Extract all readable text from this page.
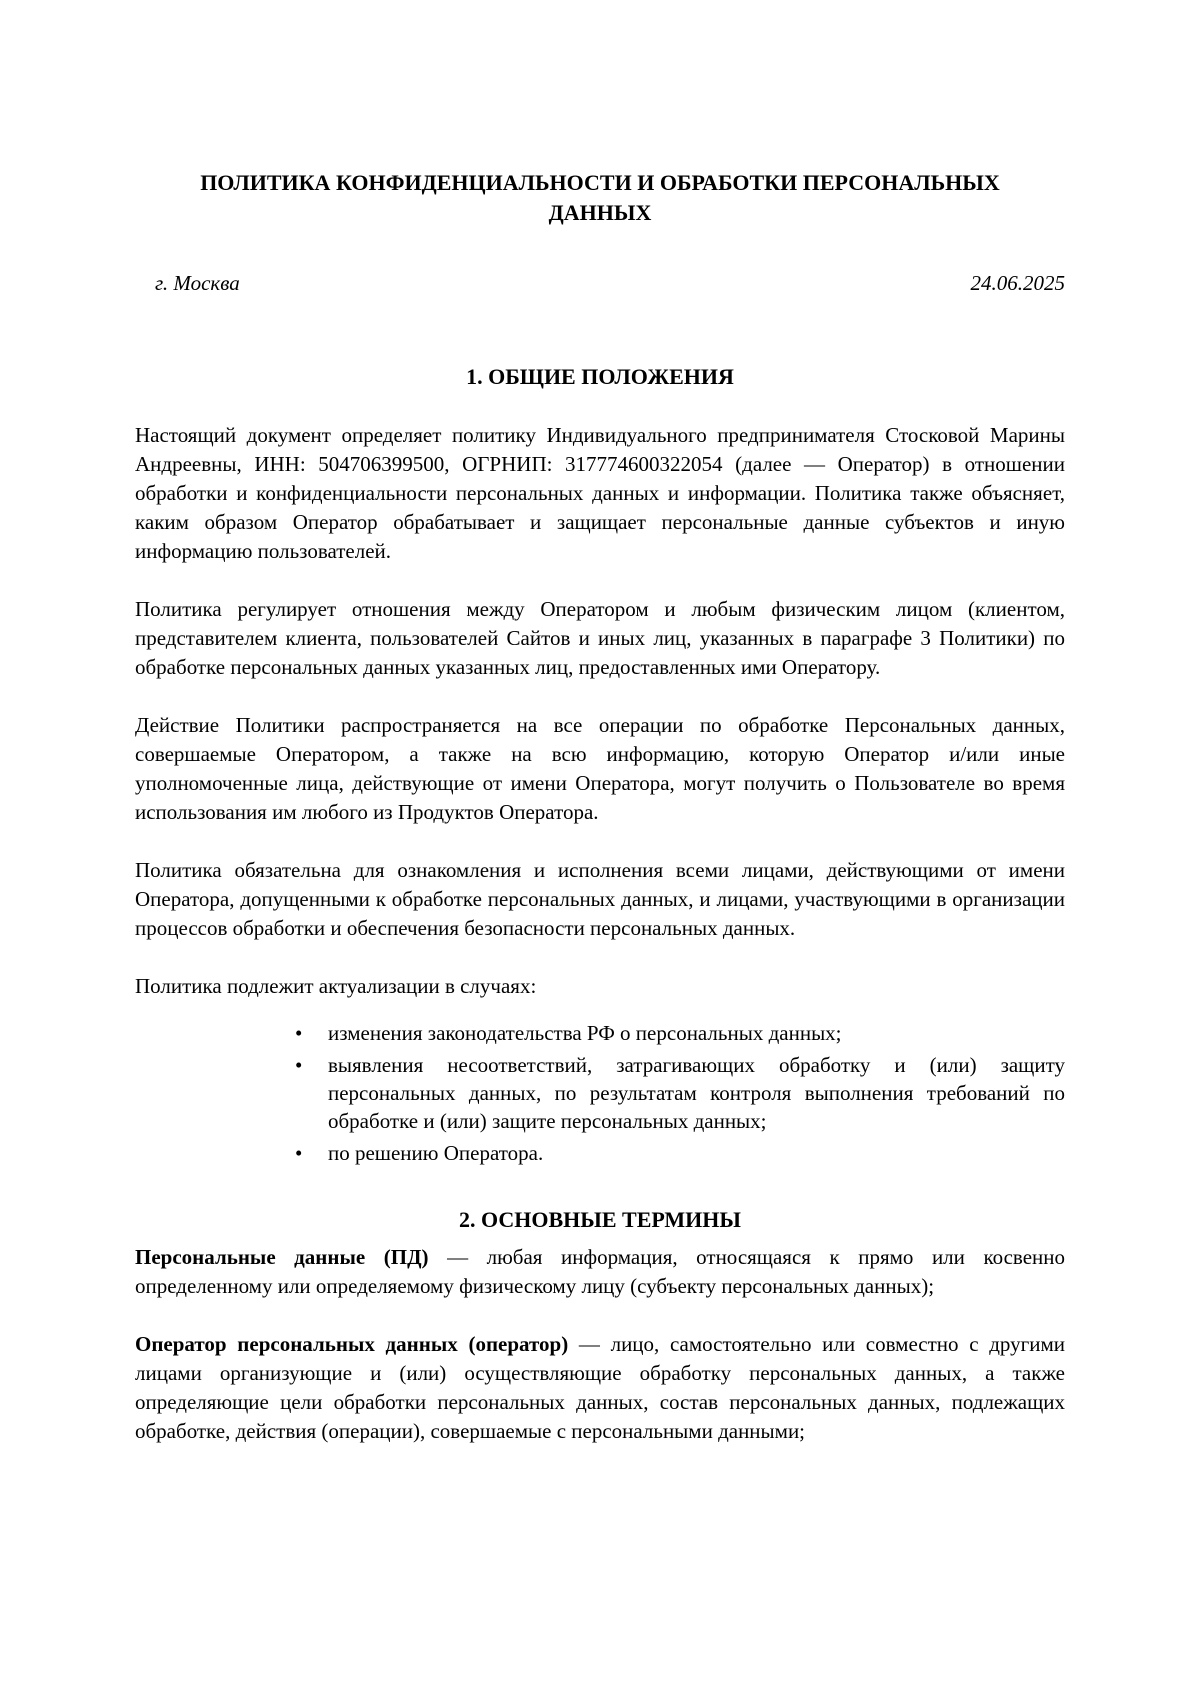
ПОЛИТИКА КОНФИДЕНЦИАЛЬНОСТИ И ОБРАБОТКИ ПЕРСОНАЛЬНЫХ ДАННЫХ
г. Москва	24.06.2025
1. ОБЩИЕ ПОЛОЖЕНИЯ

Настоящий документ определяет политику Индивидуального предпринимателя Стосковой Марины Андреевны, ИНН: 504706399500, ОГРНИП: 317774600322054 (далее — Оператор) в отношении обработки и конфиденциальности персональных данных и информации. Политика также объясняет, каким образом Оператор обрабатывает и защищает персональные данные субъектов и иную информацию пользователей.

Политика регулирует отношения между Оператором и любым физическим лицом (клиентом, представителем клиента, пользователей Сайтов и иных лиц, указанных в параграфе 3 Политики) по обработке персональных данных указанных лиц, предоставленных ими Оператору.

Действие Политики распространяется на все операции по обработке Персональных данных, совершаемые Оператором, а также на всю информацию, которую Оператор и/или иные уполномоченные лица, действующие от имени Оператора, могут получить о Пользователе во время использования им любого из Продуктов Оператора.

Политика обязательна для ознакомления и исполнения всеми лицами, действующими от имени Оператора, допущенными к обработке персональных данных, и лицами, участвующими в организации процессов обработки и обеспечения безопасности персональных данных.

Политика подлежит актуализации в случаях:

• изменения законодательства РФ о персональных данных;
• выявления несоответствий, затрагивающих обработку и (или) защиту персональных данных, по результатам контроля выполнения требований по обработке и (или) защите персональных данных;
• по решению Оператора.
2. ОСНОВНЫЕ ТЕРМИНЫ

Персональные данные (ПД) — любая информация, относящаяся к прямо или косвенно определенному или определяемому физическому лицу (субъекту персональных данных);

Оператор персональных данных (оператор) — лицо, самостоятельно или совместно с другими лицами организующие и (или) осуществляющие обработку персональных данных, а также определяющие цели обработки персональных данных, состав персональных данных, подлежащих обработке, действия (операции), совершаемые с персональными данными;
